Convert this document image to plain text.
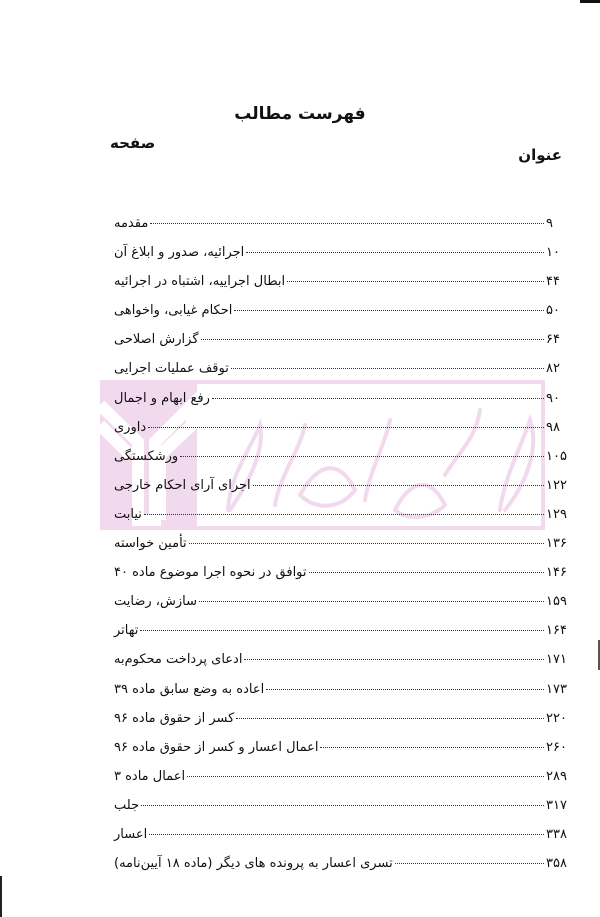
فهرست مطالب
عنوان
صفحه
مقدمه	۹
اجرائیه، صدور و ابلاغ آن	۱۰
ابطال اجراییه، اشتباه در اجرائیه	۴۴
احکام غیابی، واخواهی	۵۰
گزارش اصلاحی	۶۴
توقف عملیات اجرایی	۸۲
رفع ابهام و اجمال	۹۰
داوری	۹۸
ورشکستگی	۱۰۵
اجرای آرای احکام خارجی	۱۲۲
نیابت	۱۲۹
تأمین خواسته	۱۳۶
توافق در نحوه اجرا موضوع ماده ۴۰	۱۴۶
سازش، رضایت	۱۵۹
تهاتر	۱۶۴
ادعای پرداخت محکوم‌به	۱۷۱
اعاده به وضع سابق ماده ۳۹	۱۷۳
کسر از حقوق ماده ۹۶	۲۲۰
اعمال اعسار و کسر از حقوق ماده ۹۶	۲۶۰
اعمال ماده ۳	۲۸۹
جلب	۳۱۷
اعسار	۳۳۸
تسری اعسار به پرونده های دیگر (ماده ۱۸ آیین‌نامه)	۳۵۸
